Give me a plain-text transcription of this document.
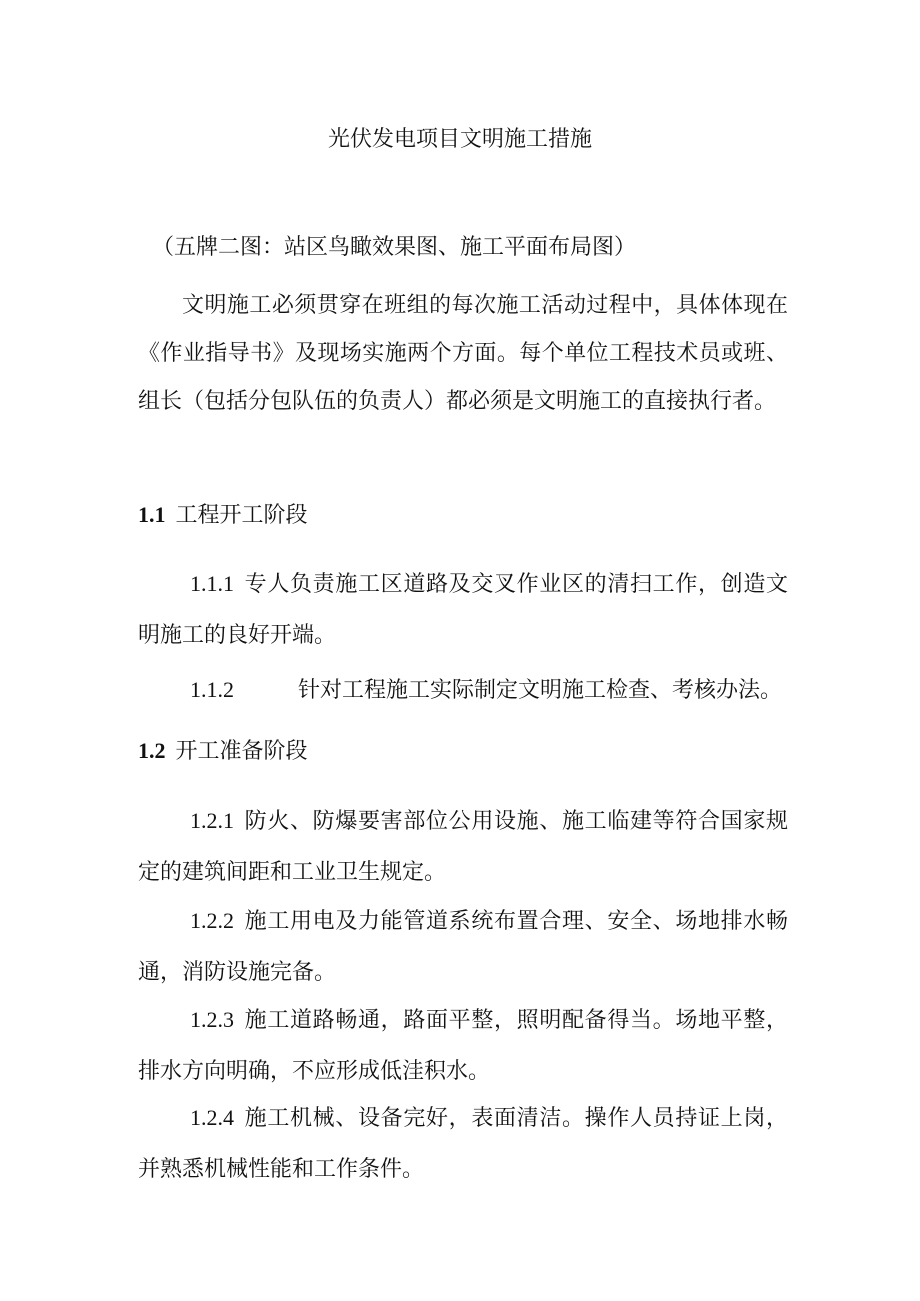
光伏发电项目文明施工措施
（五牌二图：站区鸟瞰效果图、施工平面布局图）
文明施工必须贯穿在班组的每次施工活动过程中，具体体现在《作业指导书》及现场实施两个方面。每个单位工程技术员或班、组长（包括分包队伍的负责人）都必须是文明施工的直接执行者。
1.1 工程开工阶段
1.1.1 专人负责施工区道路及交叉作业区的清扫工作，创造文明施工的良好开端。
1.1.2	针对工程施工实际制定文明施工检查、考核办法。
1.2 开工准备阶段
1.2.1 防火、防爆要害部位公用设施、施工临建等符合国家规定的建筑间距和工业卫生规定。
1.2.2 施工用电及力能管道系统布置合理、安全、场地排水畅通，消防设施完备。
1.2.3 施工道路畅通，路面平整，照明配备得当。场地平整，排水方向明确，不应形成低洼积水。
1.2.4 施工机械、设备完好，表面清洁。操作人员持证上岗，并熟悉机械性能和工作条件。
